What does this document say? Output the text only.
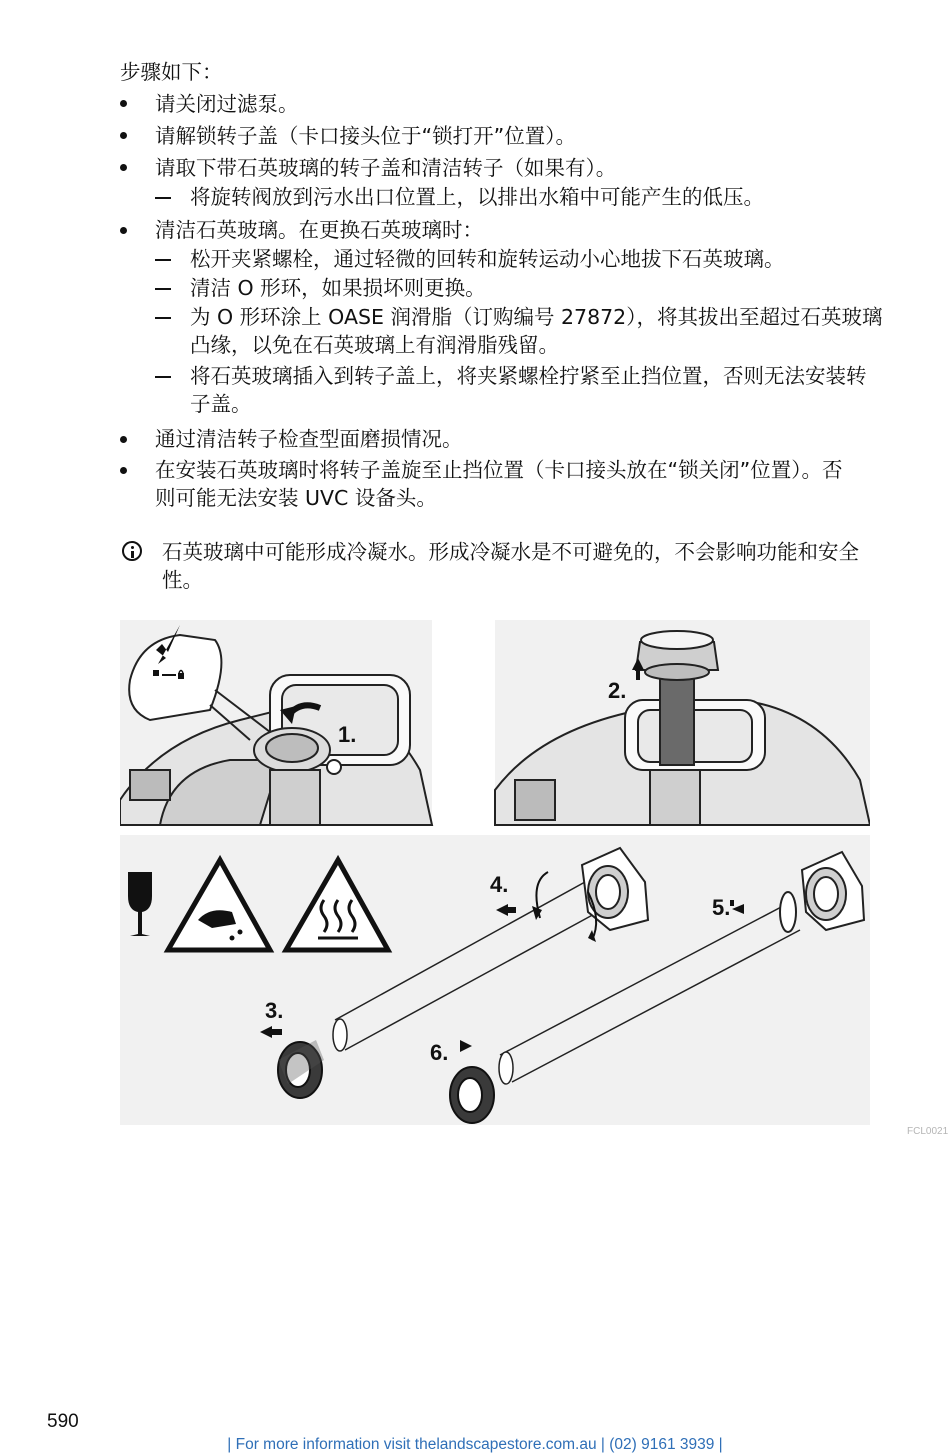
步骤如下：
请关闭过滤泵。
请解锁转子盖（卡口接头位于“锁打开”位置）。
请取下带石英玻璃的转子盖和清洁转子（如果有）。
将旋转阀放到污水出口位置上，以排出水箱中可能产生的低压。
清洁石英玻璃。在更换石英玻璃时：
松开夹紧螺栓，通过轻微的回转和旋转运动小心地拔下石英玻璃。
清洁 O 形环，如果损坏则更换。
为 O 形环涂上 OASE 润滑脂（订购编号 27872），将其拔出至超过石英玻璃
凸缘，以免在石英玻璃上有润滑脂残留。
将石英玻璃插入到转子盖上，将夹紧螺栓拧紧至止挡位置，否则无法安装转
子盖。
通过清洁转子检查型面磨损情况。
在安装石英玻璃时将转子盖旋至止挡位置（卡口接头放在“锁关闭”位置）。否
则可能无法安装 UVC 设备头。
石英玻璃中可能形成冷凝水。形成冷凝水是不可避免的，不会影响功能和安全
性。
1.
2.
4.
3.
5.
6.
FCL0021
590
| For more information visit thelandscapestore.com.au | (02) 9161 3939 |
